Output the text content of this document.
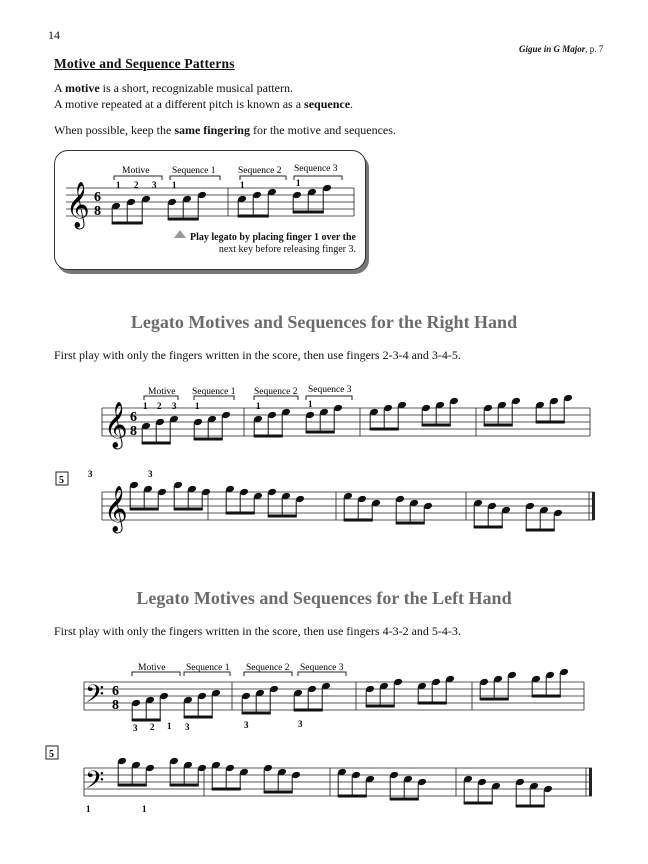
14
Gigue in G Major, p. 7
Motive and Sequence Patterns
A motive is a short, recognizable musical pattern.
A motive repeated at a different pitch is known as a sequence.
When possible, keep the same fingering for the motive and sequences.
𝄞 6
8
Motive Sequence 1 Sequence 2 Sequence 3
1 2 3 1	1	1
Play legato by placing finger 1 over the
next key before releasing finger 3.
Legato Motives and Sequences for the Right Hand
First play with only the fingers written in the score, then use fingers 2-3-4 and 3-4-5.
𝄞 6
8
Motive Sequence 1 Sequence 2 Sequence 3
1 2 3 1	1	1
5
𝄞
3	3
Legato Motives and Sequences for the Left Hand
First play with only the fingers written in the score, then use fingers 4-3-2 and 5-4-3.
𝄢 6
8
Motive Sequence 1 Sequence 2 Sequence 3
3 2 1 3	3	3
5
𝄢
1	1
